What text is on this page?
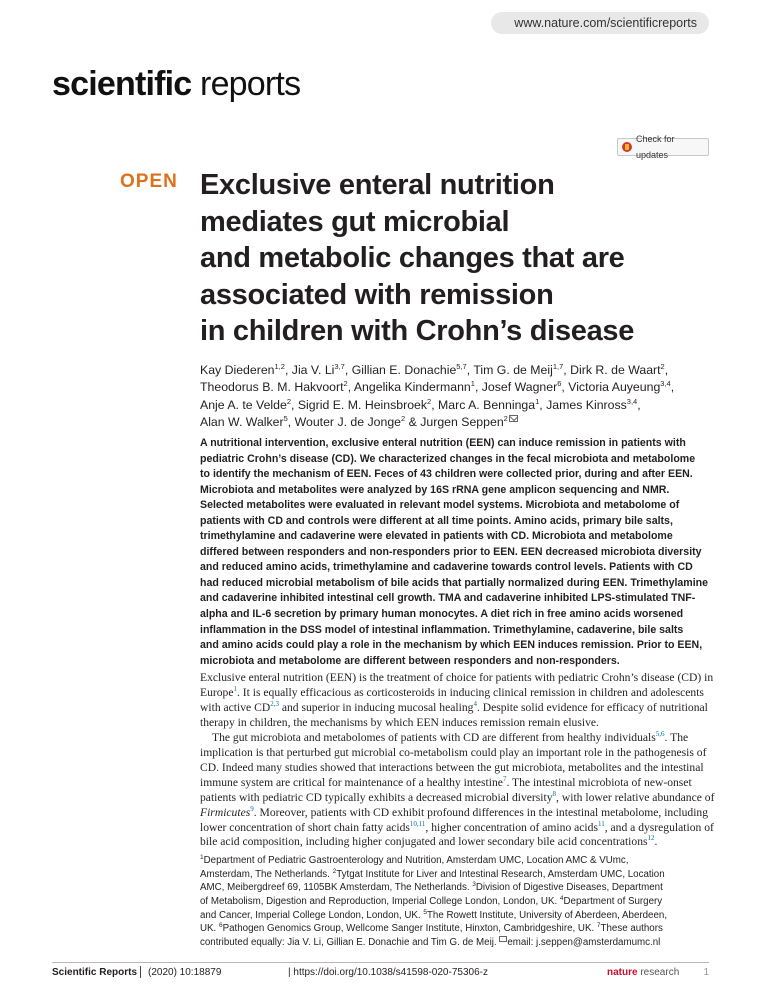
www.nature.com/scientificreports
scientific reports
Check for updates
OPEN Exclusive enteral nutrition
mediates gut microbial
and metabolic changes that are
associated with remission
in children with Crohn’s disease
Kay Diederen$^{1,2}$, Jia V. Li$^{3,7}$, Gillian E. Donachie$^{5,7}$, Tim G. de Meij$^{1,7}$, Dirk R. de Waart$^2$,
Theodorus B. M. Hakvoort$^2$, Angelika Kindermann$^1$, Josef Wagner$^6$, Victoria Auyeung$^{3,4}$,
Anje A. te Velde$^2$, Sigrid E. M. Heinsbroek$^2$, Marc A. Benninga$^1$, James Kinross$^{3,4}$,
Alan W. Walker$^5$, Wouter J. de Jonge$^2$ & Jurgen Seppen$^2$
A nutritional intervention, exclusive enteral nutrition (EEN) can induce remission in patients with
pediatric Crohn’s disease (CD). We characterized changes in the fecal microbiota and metabolome
to identify the mechanism of EEN. Feces of 43 children were collected prior, during and after EEN.
Microbiota and metabolites were analyzed by 16S rRNA gene amplicon sequencing and NMR.
Selected metabolites were evaluated in relevant model systems. Microbiota and metabolome of
patients with CD and controls were different at all time points. Amino acids, primary bile salts,
trimethylamine and cadaverine were elevated in patients with CD. Microbiota and metabolome
differed between responders and non-responders prior to EEN. EEN decreased microbiota diversity
and reduced amino acids, trimethylamine and cadaverine towards control levels. Patients with CD
had reduced microbial metabolism of bile acids that partially normalized during EEN. Trimethylamine
and cadaverine inhibited intestinal cell growth. TMA and cadaverine inhibited LPS-stimulated TNF-
alpha and IL-6 secretion by primary human monocytes. A diet rich in free amino acids worsened
inflammation in the DSS model of intestinal inflammation. Trimethylamine, cadaverine, bile salts
and amino acids could play a role in the mechanism by which EEN induces remission. Prior to EEN,
microbiota and metabolome are different between responders and non-responders.
Exclusive enteral nutrition (EEN) is the treatment of choice for patients with pediatric Crohn’s disease (CD) in
Europe$^1$. It is equally efficacious as corticosteroids in inducing clinical remission in children and adolescents
with active CD$^{2,3}$ and superior in inducing mucosal healing$^4$. Despite solid evidence for efficacy of nutritional
therapy in children, the mechanisms by which EEN induces remission remain elusive.
The gut microbiota and metabolomes of patients with CD are different from healthy individuals$^{5,6}$. The
implication is that perturbed gut microbial co-metabolism could play an important role in the pathogenesis of
CD. Indeed many studies showed that interactions between the gut microbiota, metabolites and the intestinal
immune system are critical for maintenance of a healthy intestine$^7$. The intestinal microbiota of new-onset
patients with pediatric CD typically exhibits a decreased microbial diversity$^8$, with lower relative abundance of
Firmicutes$^9$. Moreover, patients with CD exhibit profound differences in the intestinal metabolome, including
lower concentration of short chain fatty acids$^{10,11}$, higher concentration of amino acids$^{11}$, and a dysregulation of
bile acid composition, including higher conjugated and lower secondary bile acid concentrations$^{12}$.
$^1$Department of Pediatric Gastroenterology and Nutrition, Amsterdam UMC, Location AMC & VUmc,
Amsterdam, The Netherlands. $^2$Tytgat Institute for Liver and Intestinal Research, Amsterdam UMC, Location
AMC, Meibergdreef 69, 1105BK Amsterdam, The Netherlands. $^3$Division of Digestive Diseases, Department
of Metabolism, Digestion and Reproduction, Imperial College London, London, UK. $^4$Department of Surgery
and Cancer, Imperial College London, London, UK. $^5$The Rowett Institute, University of Aberdeen, Aberdeen,
UK. $^6$Pathogen Genomics Group, Wellcome Sanger Institute, Hinxton, Cambridgeshire, UK. $^7$These authors
contributed equally: Jia V. Li, Gillian E. Donachie and Tim G. de Meij. email: j.seppen@amsterdamumc.nl
Scientific Reports (2020) 10:18879	| https://doi.org/10.1038/s41598-020-75306-z	nature research 1
